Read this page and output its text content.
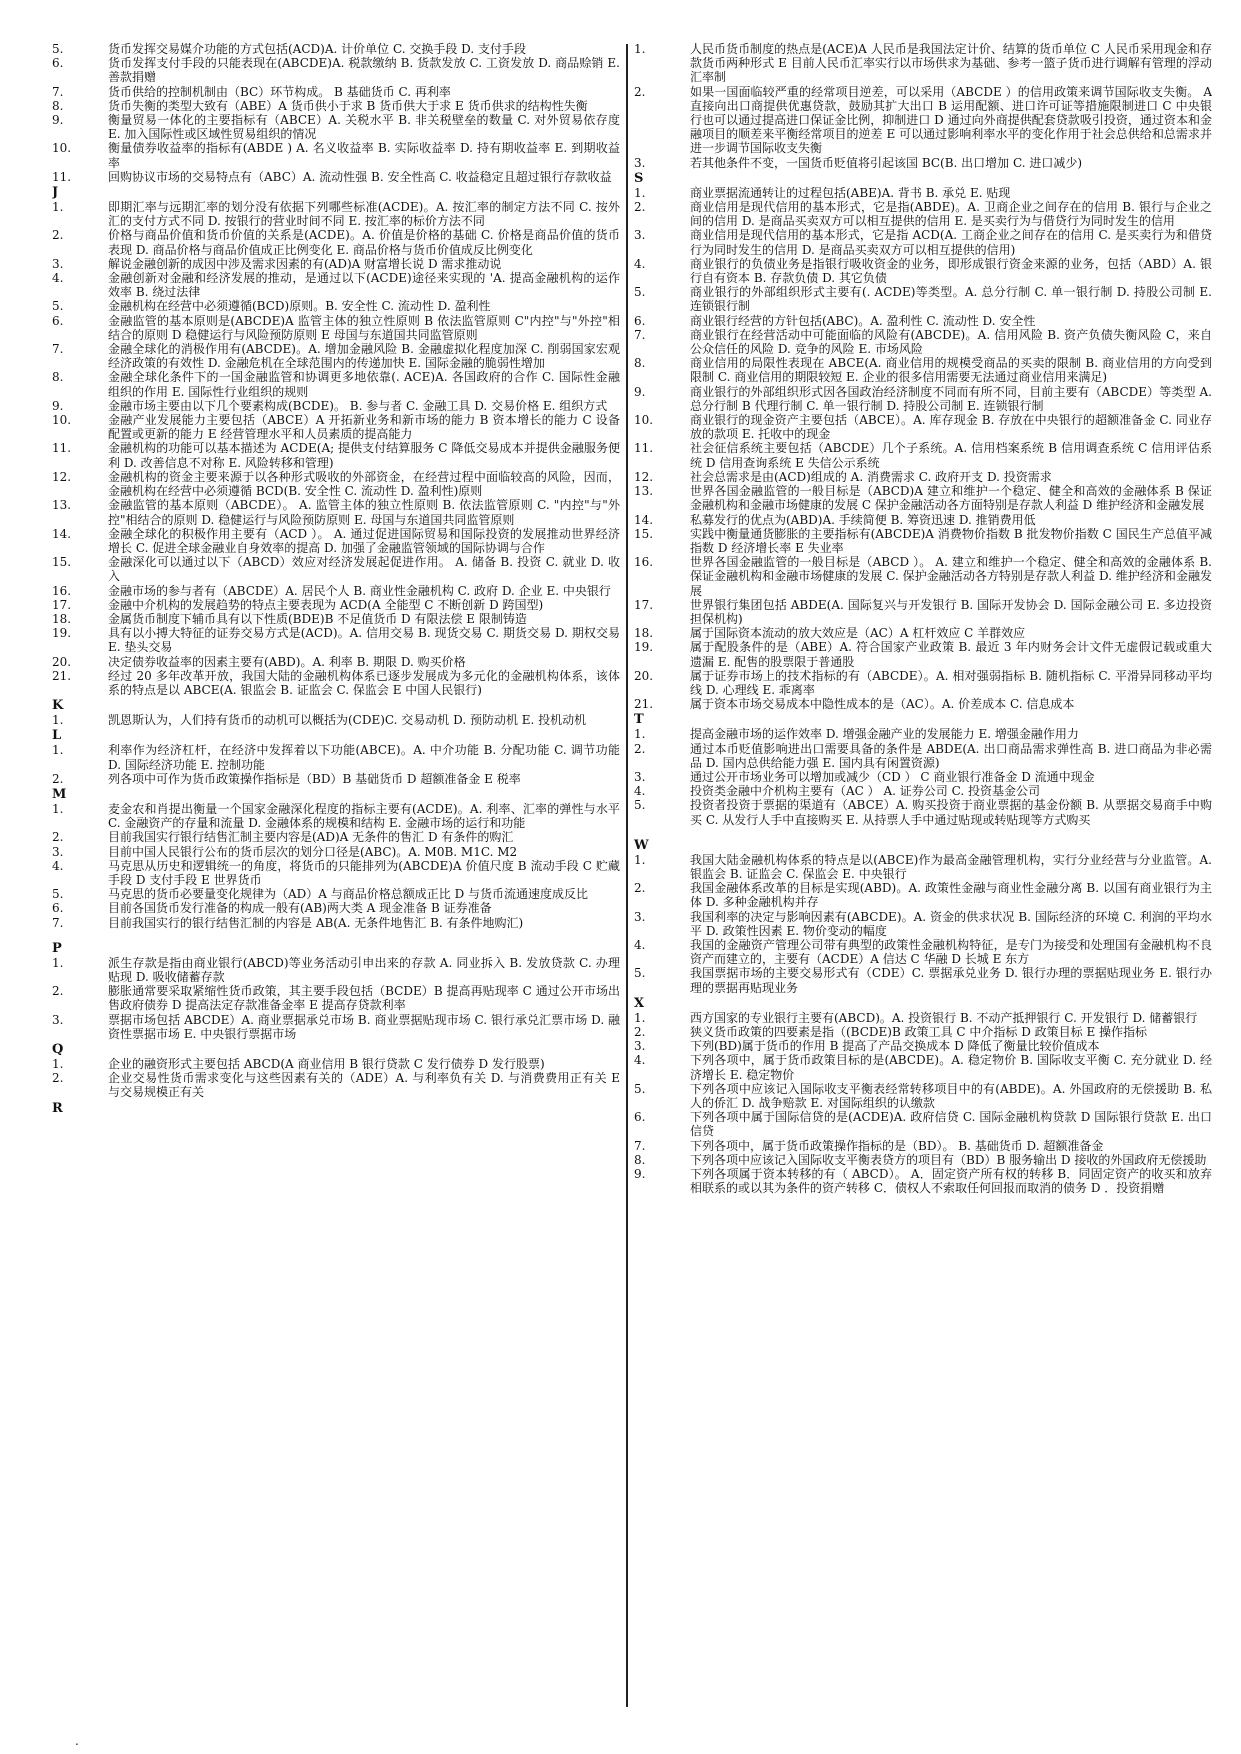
5.	货币发挥交易媒介功能的方式包括(ACD)A. 计价单位 C. 交换手段 D. 支付手段
6.	货币发挥支付手段的只能表现在(ABCDE)A. 税款缴纳 B. 货款发放 C. 工资发放 D. 商品赊销 E. 善款捐赠
7.	货币供给的控制机制由（BC）环节构成。 B 基础货币 C. 再利率
8.	货币失衡的类型大致有（ABE）A 货币供小于求 B 货币供大于求 E 货币供求的结构性失衡
9.	衡量贸易一体化的主要指标有（ABCE）A. 关税水平 B. 非关税壁垒的数量 C. 对外贸易依存度 E. 加入国际性或区域性贸易组织的情况
10.	衡量债券收益率的指标有(ABDE ) A. 名义收益率 B. 实际收益率 D. 持有期收益率 E. 到期收益率
11.	回购协议市场的交易特点有（ABC）A. 流动性强 B. 安全性高 C. 收益稳定且超过银行存款收益
J
1.	即期汇率与远期汇率的划分没有依据下列哪些标准(ACDE)。A. 按汇率的制定方法不同 C. 按外汇的支付方式不同 D. 按银行的营业时间不同 E. 按汇率的标价方法不同
2.	价格与商品价值和货币价值的关系是(ACDE)。A. 价值是价格的基础 C. 价格是商品价值的货币表现 D. 商品价格与商品价值成正比例变化 E. 商品价格与货币价值成反比例变化
3.	解说金融创新的成因中涉及需求因素的有(AD)A 财富增长说 D 需求推动说
4.	金融创新对金融和经济发展的推动，是通过以下(ACDE)途径来实现的 'A. 提高金融机构的运作效率 B. 绕过法律
5.	金融机构在经营中必须遵循(BCD)原则。B. 安全性 C. 流动性 D. 盈利性
6.	金融监管的基本原则是(ABCDE)A 监管主体的独立性原则 B 依法监管原则 C"内控"与"外控"相结合的原则 D 稳健运行与风险预防原则 E 母国与东道国共同监管原则
7.	金融全球化的消极作用有(ABCDE)。A. 增加金融风险 B. 金融虚拟化程度加深 C. 削弱国家宏观经济政策的有效性 D. 金融危机在全球范围内的传递加快 E. 国际金融的脆弱性增加
8.	金融全球化条件下的一国金融监管和协调更多地依靠(. ACE)A. 各国政府的合作 C. 国际性金融组织的作用 E. 国际性行业组织的规则
9.	金融市场主要由以下几个要素构成(BCDE)。 B. 参与者 C. 金融工具 D. 交易价格 E. 组织方式
10.	金融产业发展能力主要包括（ABCE）A 开拓新业务和新市场的能力 B 资本增长的能力 C 设备配置或更新的能力 E 经营管理水平和人员素质的提高能力
11.	金融机构的功能可以基本描述为 ACDE(A; 提供支付结算服务 C 降低交易成本并提供金融服务便利 D. 改善信息不对称 E. 风险转移和管理)
12.	金融机构的资金主要来源于以各种形式吸收的外部资金，在经营过程中面临较高的风险，因而，金融机构在经营中必须遵循 BCD(B. 安全性 C. 流动性 D. 盈利性)原则
13.	金融监管的基本原则（ABCDE）。 A. 监管主体的独立性原则 B. 依法监管原则 C. "内控"与"外控"相结合的原则 D. 稳健运行与风险预防原则 E. 母国与东道国共同监管原则
14.	金融全球化的积极作用主要有（ACD ）。 A. 通过促进国际贸易和国际投资的发展推动世界经济增长 C. 促进全球金融业自身效率的提高 D. 加强了金融监管领域的国际协调与合作
15.	金融深化可以通过以下（ABCD）效应对经济发展起促进作用。 A. 储备 B. 投资 C. 就业 D. 收入
16.	金融市场的参与者有（ABCDE）A. 居民个人 B. 商业性金融机构 C. 政府 D. 企业 E. 中央银行
17.	金融中介机构的发展趋势的特点主要表现为 ACD(A 全能型 C 不断创新 D 跨国型)
18.	金属货币制度下辅币具有以下性质(BDE)B 不足值货币 D 有限法偿 E 限制铸造
19.	具有以小搏大特征的证券交易方式是(ACD)。A. 信用交易 B. 现货交易 C. 期货交易 D. 期权交易 E. 垫头交易
20.	决定债券收益率的因素主要有(ABD)。A. 利率 B. 期限 D. 购买价格
21.	经过 20 多年改革开放，我国大陆的金融机构体系已逐步发展成为多元化的金融机构体系，该体系的特点是以 ABCE(A. 银监会 B. 证监会 C. 保监会 E 中国人民银行)
K
1.	凯恩斯认为，人们持有货币的动机可以概括为(CDE)C. 交易动机 D. 预防动机 E. 投机动机
L
1.	利率作为经济杠杆，在经济中发挥着以下功能(ABCE)。A. 中介功能 B. 分配功能 C. 调节功能 D. 国际经济功能 E. 控制功能
2.	列各项中可作为货币政策操作指标是（BD）B 基础货币 D 超额准备金 E 税率
M
1.	麦金农和肖提出衡量一个国家金融深化程度的指标主要有(ACDE)。A. 利率、汇率的弹性与水平 C. 金融资产的存量和流量 D. 金融体系的规模和结构 E. 金融市场的运行和功能
2.	目前我国实行银行结售汇制主要内容是(AD)A 无条件的售汇 D 有条件的购汇
3.	目前中国人民银行公布的货币层次的划分口径是(ABC)。A. M0B. M1C. M2
4.	马克思从历史和逻辑统一的角度，将货币的只能排列为(ABCDE)A 价值尺度 B 流动手段 C 贮藏手段 D 支付手段 E 世界货币
5.	马克思的货币必要量变化规律为（AD）A 与商品价格总额成正比 D 与货币流通速度成反比
6.	目前各国货币发行准备的构成一般有(AB)两大类 A 现金准备 B 证券准备
7.	目前我国实行的银行结售汇制的内容是 AB(A. 无条件地售汇 B. 有条件地购汇)
P
1.	派生存款是指由商业银行(ABCD)等业务活动引申出来的存款 A. 同业拆入 B. 发放贷款 C. 办理贴现 D. 吸收储蓄存款
2.	膨胀通常要采取紧缩性货币政策，其主要手段包括（BCDE）B 提高再贴现率 C 通过公开市场出售政府债券 D 提高法定存款准备金率 E 提高存贷款利率
3.	票据市场包括 ABCDE）A. 商业票据承兑市场 B. 商业票据贴现市场 C. 银行承兑汇票市场 D. 融资性票据市场 E. 中央银行票据市场
Q
1.	企业的融资形式主要包括 ABCD(A 商业信用 B 银行贷款 C 发行债券 D 发行股票)
2.	企业交易性货币需求变化与这些因素有关的（ADE）A. 与利率负有关 D. 与消费费用正有关 E 与交易规模正有关
R
1.	人民币货币制度的热点是(ACE)A 人民币是我国法定计价、结算的货币单位 C 人民币采用现金和存款货币两种形式 E 目前人民币汇率实行以市场供求为基础、参考一篮子货币进行调解有管理的浮动汇率制
2.	如果一国面临较严重的经常项目逆差，可以采用（ABCDE ）的信用政策来调节国际收支失衡。 A 直接向出口商提供优惠贷款，鼓励其扩大出口 B 运用配额、进口许可证等措施限制进口 C 中央银行也可以通过提高进口保证金比例，抑制进口 D 通过向外商提供配套贷款吸引投资，通过资本和金融项目的顺差来平衡经常项目的逆差 E 可以通过影响利率水平的变化作用于社会总供给和总需求并进一步调节国际收支失衡
3.	若其他条件不变，一国货币贬值将引起该国 BC(B. 出口增加 C. 进口减少)
S
1.	商业票据流通转让的过程包括(ABE)A. 背书 B. 承兑 E. 贴现
2.	商业信用是现代信用的基本形式，它是指(ABDE)。A. 卫商企业之间存在的信用 B. 银行与企业之间的信用 D. 是商品买卖双方可以相互提供的信用 E. 是买卖行为与借贷行为同时发生的信用
3.	商业信用是现代信用的基本形式，它是指 ACD(A. 工商企业之间存在的信用 C. 是买卖行为和借贷行为同时发生的信用 D. 是商品买卖双方可以相互提供的信用)
4.	商业银行的负债业务是指银行吸收资金的业务，即形成银行资金来源的业务，包括（ABD）A. 银行自有资本 B. 存款负债 D. 其它负债
5.	商业银行的外部组织形式主要有(. ACDE)等类型。A. 总分行制 C. 单一银行制 D. 持股公司制 E. 连锁银行制
6.	商业银行经营的方针包括(ABC)。A. 盈利性 C. 流动性 D. 安全性
7.	商业银行在经营活动中可能面临的风险有(ABCDE)。A. 信用风险 B. 资产负债失衡风险 C，来自公众信任的风险 D. 竞争的风险 E. 市场风险
8.	商业信用的局限性表现在 ABCE(A. 商业信用的规模受商品的买卖的限制 B. 商业信用的方向受到限制 C. 商业信用的期限较短 E. 企业的很多信用需要无法通过商业信用来满足)
9.	商业银行的外部组织形式因各国政治经济制度不同而有所不同，目前主要有（ABCDE）等类型 A. 总分行制 B 代理行制 C. 单一银行制 D. 持股公司制 E. 连锁银行制
10.	商业银行的现金资产主要包括（ABCE）。A. 库存现金 B. 存放在中央银行的超额准备金 C. 同业存放的款项 E. 托收中的现金
11.	社会征信系统主要包括（ABCDE）几个子系统。A. 信用档案系统 B 信用调查系统 C 信用评估系统 D 信用查询系统 E 失信公示系统
12.	社会总需求是由(ACD)组成的 A. 消费需求 C. 政府开支 D. 投资需求
13.	世界各国金融监管的一般目标是（ABCD)A 建立和维护一个稳定、健全和高效的金融体系 B 保证金融机构和金融市场健康的发展 C 保护金融活动各方面特别是存款人利益 D 维护经济和金融发展
14.	私募发行的优点为(ABD)A. 手续简便 B. 筹资迅速 D. 推销费用低
15.	实践中衡量通货膨胀的主要指标有(ABCDE)A 消费物价指数 B 批发物价指数 C 国民生产总值平减指数 D 经济增长率 E 失业率
16.	世界各国金融监管的一般目标是（ABCD ）。 A. 建立和维护一个稳定、健全和高效的金融体系 B. 保证金融机构和金融市场健康的发展 C. 保护金融活动各方特别是存款人利益 D. 维护经济和金融发展
17.	世界银行集团包括 ABDE(A. 国际复兴与开发银行 B. 国际开发协会 D. 国际金融公司 E. 多边投资担保机构)
18.	属于国际资本流动的放大效应是（AC）A 杠杆效应 C 羊群效应
19.	属于配股条件的是（ABE）A. 符合国家产业政策 B. 最近 3 年内财务会计文件无虚假记载或重大遗漏 E. 配售的股票限于普通股
20.	属于证券市场上的技术指标的有（ABCDE）。A. 相对强弱指标 B. 随机指标 C. 平滑异同移动平均线 D. 心理线 E. 乖离率
21.	属于资本市场交易成本中隐性成本的是（AC）。A. 价差成本 C. 信息成本
T
1.	提高金融市场的运作效率 D. 增强金融产业的发展能力 E. 增强金融作用力
2.	通过本币贬值影响进出口需要具备的条件是 ABDE(A. 出口商品需求弹性高 B. 进口商品为非必需品 D. 国内总供给能力强 E. 国内具有闲置资源)
3.	通过公开市场业务可以增加或减少（CD ） C 商业银行准备金 D 流通中现金
4.	投资类金融中介机构主要有（AC ） A. 证券公司 C. 投资基金公司
5.	投资者投资于票据的渠道有（ABCE）A. 购买投资于商业票据的基金份额 B. 从票据交易商手中购买 C. 从发行人手中直接购买 E. 从持票人手中通过贴现或转贴现等方式购买
W
1.	我国大陆金融机构体系的特点是以(ABCE)作为最高金融管理机构，实行分业经营与分业监管。A. 银监会 B. 证监会 C. 保监会 E. 中央银行
2.	我国金融体系改革的目标是实现(ABD)。A. 政策性金融与商业性金融分离 B. 以国有商业银行为主体 D. 多种金融机构并存
3.	我国利率的决定与影响因素有(ABCDE)。A. 资金的供求状况 B. 国际经济的环境 C. 利润的平均水平 D. 政策性因素 E. 物价变动的幅度
4.	我国的金融资产管理公司带有典型的政策性金融机构特征，是专门为接受和处理国有金融机构不良资产而建立的，主要有（ACDE）A 信达 C 华融 D 长城 E 东方
5.	我国票据市场的主要交易形式有（CDE）C. 票据承兑业务 D. 银行办理的票据贴现业务 E. 银行办理的票据再贴现业务
X
1.	西方国家的专业银行主要有(ABCD)。A. 投资银行 B. 不动产抵押银行 C. 开发银行 D. 储蓄银行
2.	狭义货币政策的四要素是指（(BCDE)B 政策工具 C 中介指标 D 政策目标 E 操作指标
3.	下列(BD)属于货币的作用 B 提高了产品交换成本 D 降低了衡量比较价值成本
4.	下列各项中，属于货币政策目标的是(ABCDE)。A. 稳定物价 B. 国际收支平衡 C. 充分就业 D. 经济增长 E. 稳定物价
5.	下列各项中应该记入国际收支平衡表经常转移项目中的有(ABDE)。A. 外国政府的无偿援助 B. 私人的侨汇 D. 战争赔款 E. 对国际组织的认缴款
6.	下列各项中属于国际信贷的是(ACDE)A. 政府信贷 C. 国际金融机构贷款 D 国际银行贷款 E. 出口信贷
7.	下列各项中，属于货币政策操作指标的是（BD）。 B. 基础货币 D. 超额准备金
8.	下列各项中应该记入国际收支平衡表贷方的项目有（BD）B 服务输出 D 接收的外国政府无偿援助
9.	下列各项属于资本转移的有（ ABCD）。 A．固定资产所有权的转移 B．同固定资产的收买和放弃相联系的或以其为条件的资产转移 C．债权人不索取任何回报而取消的债务 D ．投资捐赠
.
